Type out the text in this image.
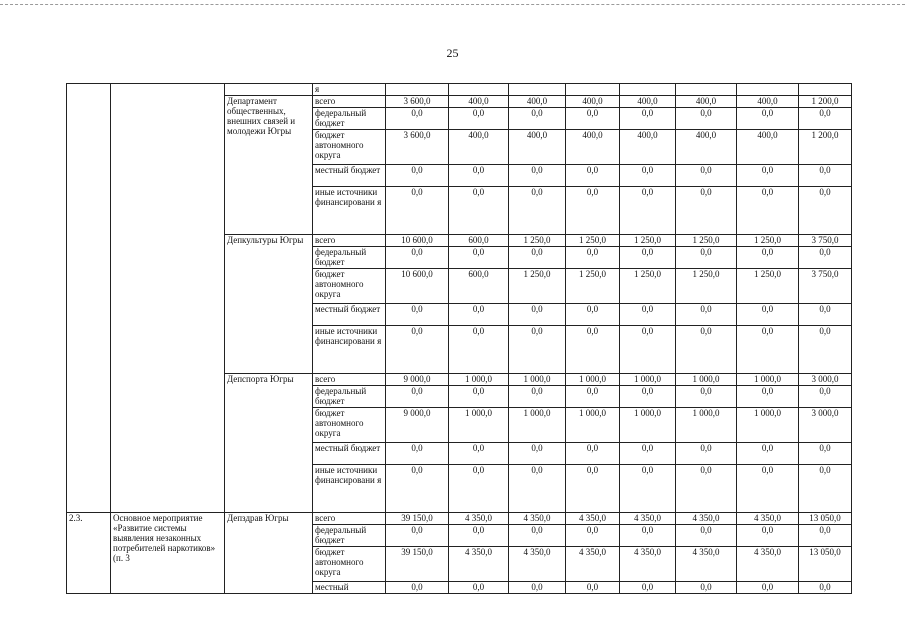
25
			я								
		Департамент общественных, внешних связей и молодежи Югры	всего	3 600,0	400,0	400,0	400,0	400,0	400,0	400,0	1 200,0
			федеральный бюджет	0,0	0,0	0,0	0,0	0,0	0,0	0,0	0,0
			бюджет автономного округа	3 600,0	400,0	400,0	400,0	400,0	400,0	400,0	1 200,0
			местный бюджет	0,0	0,0	0,0	0,0	0,0	0,0	0,0	0,0
			иные источники финансировани я	0,0	0,0	0,0	0,0	0,0	0,0	0,0	0,0
		Депкультуры Югры	всего	10 600,0	600,0	1 250,0	1 250,0	1 250,0	1 250,0	1 250,0	3 750,0
			федеральный бюджет	0,0	0,0	0,0	0,0	0,0	0,0	0,0	0,0
			бюджет автономного округа	10 600,0	600,0	1 250,0	1 250,0	1 250,0	1 250,0	1 250,0	3 750,0
			местный бюджет	0,0	0,0	0,0	0,0	0,0	0,0	0,0	0,0
			иные источники финансировани я	0,0	0,0	0,0	0,0	0,0	0,0	0,0	0,0
		Депспорта Югры	всего	9 000,0	1 000,0	1 000,0	1 000,0	1 000,0	1 000,0	1 000,0	3 000,0
			федеральный бюджет	0,0	0,0	0,0	0,0	0,0	0,0	0,0	0,0
			бюджет автономного округа	9 000,0	1 000,0	1 000,0	1 000,0	1 000,0	1 000,0	1 000,0	3 000,0
			местный бюджет	0,0	0,0	0,0	0,0	0,0	0,0	0,0	0,0
			иные источники финансировани я	0,0	0,0	0,0	0,0	0,0	0,0	0,0	0,0
2.3.	Основное мероприятие «Развитие системы выявления незаконных потребителей наркотиков» (п. 3	Депздрав Югры	всего	39 150,0	4 350,0	4 350,0	4 350,0	4 350,0	4 350,0	4 350,0	13 050,0
			федеральный бюджет	0,0	0,0	0,0	0,0	0,0	0,0	0,0	0,0
			бюджет автономного округа	39 150,0	4 350,0	4 350,0	4 350,0	4 350,0	4 350,0	4 350,0	13 050,0
			местный	0,0	0,0	0,0	0,0	0,0	0,0	0,0	0,0
